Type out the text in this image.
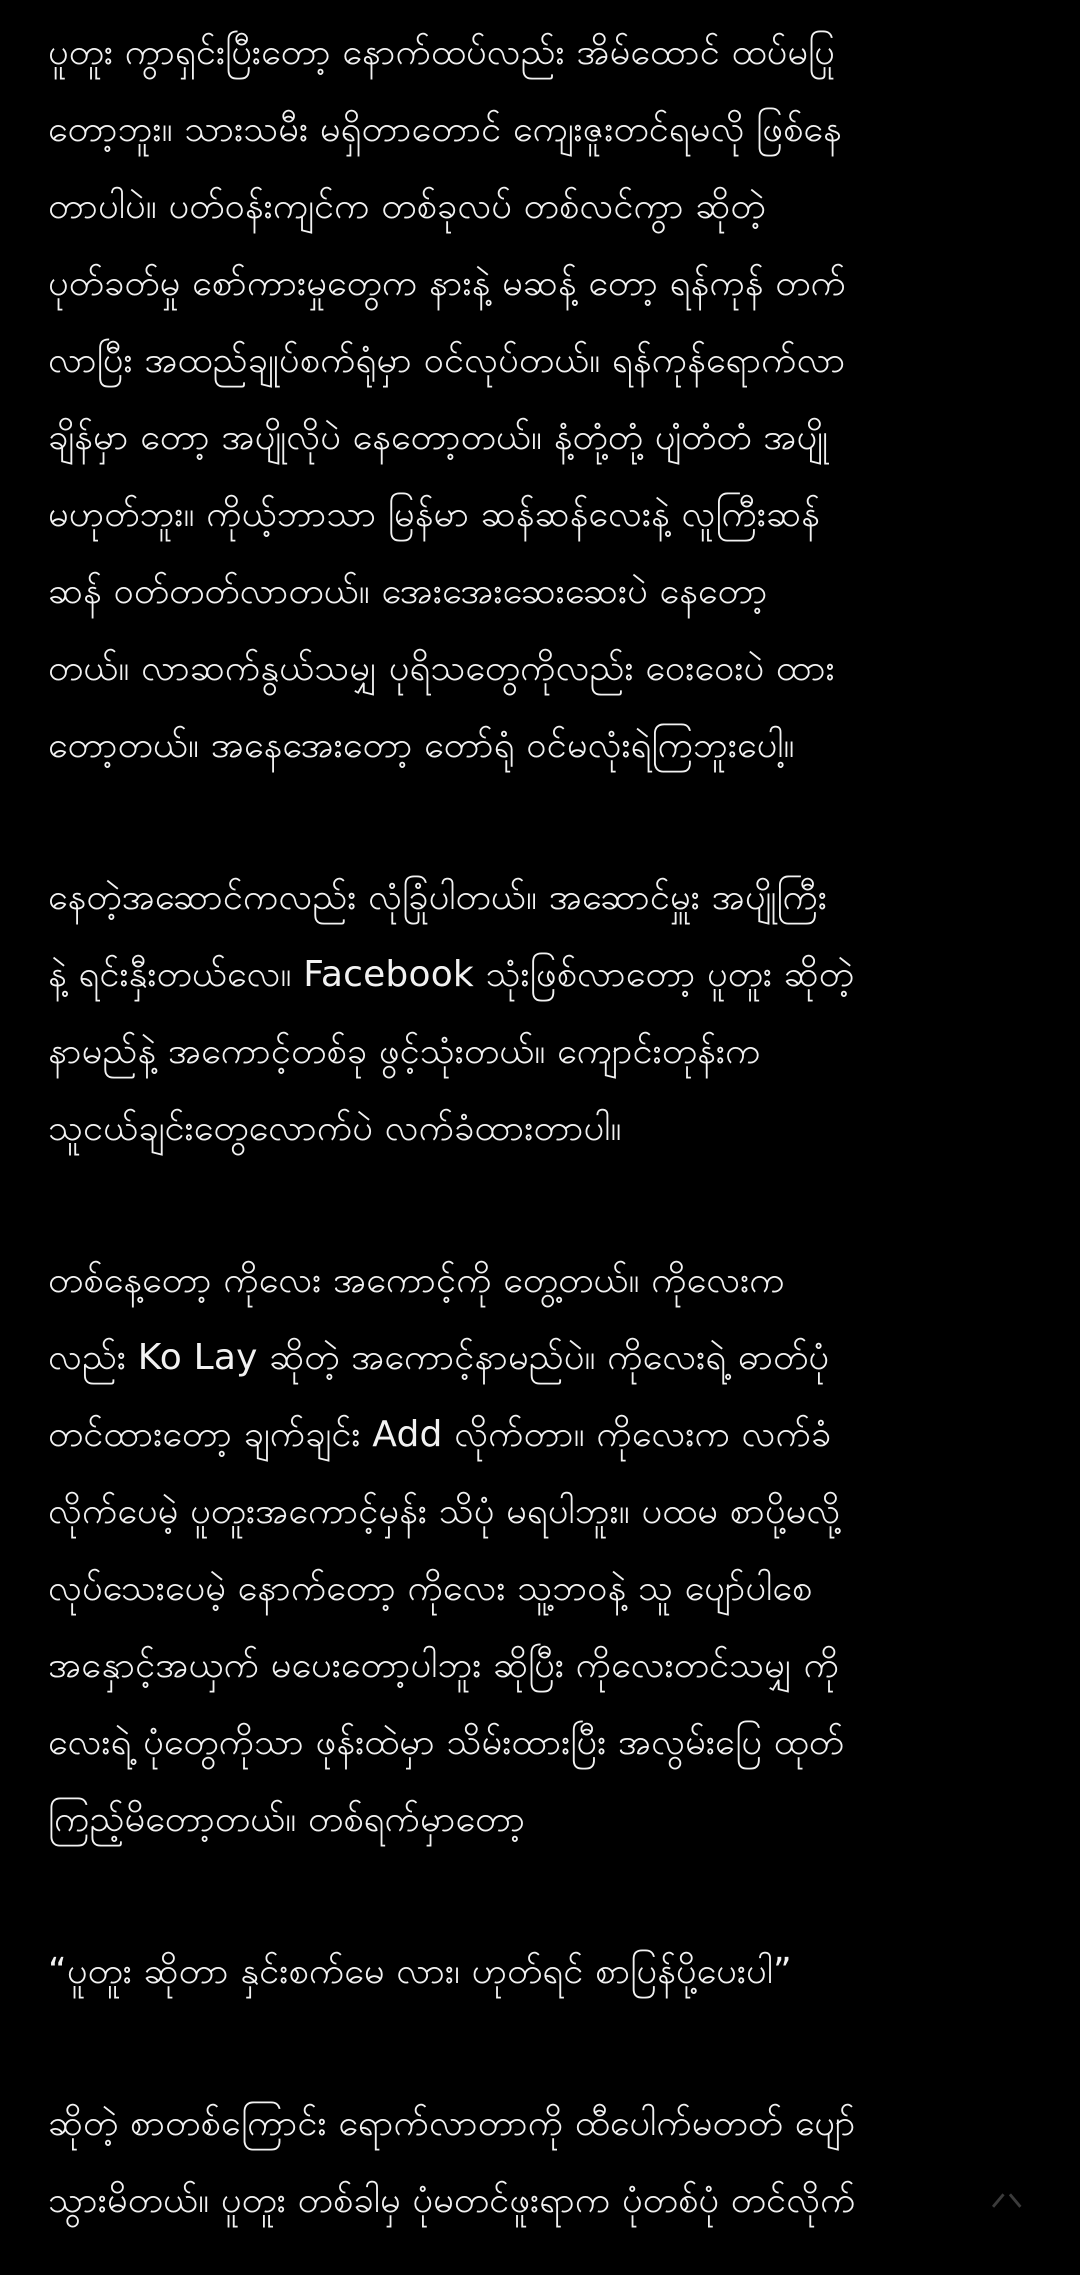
ပူတူး ကွာရှင်းပြီးတော့ နောက်ထပ်လည်း အိမ်ထောင် ထပ်မပြု
တော့ဘူး။ သားသမီး မရှိတာတောင် ကျေးဇူးတင်ရမလို ဖြစ်နေ
တာပါပဲ။ ပတ်ဝန်းကျင်က တစ်ခုလပ် တစ်လင်ကွာ ဆိုတဲ့
ပုတ်ခတ်မှု စော်ကားမှုတွေက နားနဲ့ မဆန့် တော့ ရန်ကုန် တက်
လာပြီး အထည်ချုပ်စက်ရုံမှာ ဝင်လုပ်တယ်။ ရန်ကုန်ရောက်လာ
ချိန်မှာ တော့ အပျိုလိုပဲ နေတော့တယ်။ နံ့တုံ့တုံ့ ပျံတံတံ အပျို
မဟုတ်ဘူး။ ကိုယ့်ဘာသာ မြန်မာ ဆန်ဆန်လေးနဲ့ လူကြီးဆန်
ဆန် ဝတ်တတ်လာတယ်။ အေးအေးဆေးဆေးပဲ နေတော့
တယ်။ လာဆက်နွယ်သမျှ ပုရိသတွေကိုလည်း ဝေးဝေးပဲ ထား
တော့တယ်။ အနေအေးတော့ တော်ရုံ ဝင်မလုံးရဲကြဘူးပေါ့။

နေတဲ့အဆောင်ကလည်း လုံခြုံပါတယ်။ အဆောင်မှူး အပျိုကြီး
နဲ့ ရင်းနှီးတယ်လေ။ Facebook သုံးဖြစ်လာတော့ ပူတူး ဆိုတဲ့
နာမည်နဲ့ အကောင့်တစ်ခု ဖွင့်သုံးတယ်။ ကျောင်းတုန်းက
သူငယ်ချင်းတွေလောက်ပဲ လက်ခံထားတာပါ။

တစ်နေ့တော့ ကိုလေး အကောင့်ကို တွေ့တယ်။ ကိုလေးက
လည်း Ko Lay ဆိုတဲ့ အကောင့်နာမည်ပဲ။ ကိုလေးရဲ့ ဓာတ်ပုံ
တင်ထားတော့ ချက်ချင်း Add လိုက်တာ။ ကိုလေးက လက်ခံ
လိုက်ပေမဲ့ ပူတူးအကောင့်မှန်း သိပုံ မရပါဘူး။ ပထမ စာပို့မလို့
လုပ်သေးပေမဲ့ နောက်တော့ ကိုလေး သူ့ဘဝနဲ့ သူ ပျော်ပါစေ
အနှောင့်အယှက် မပေးတော့ပါဘူး ဆိုပြီး ကိုလေးတင်သမျှ ကို
လေးရဲ့ ပုံတွေကိုသာ ဖုန်းထဲမှာ သိမ်းထားပြီး အလွမ်းပြေ ထုတ်
ကြည့်မိတော့တယ်။ တစ်ရက်မှာတော့

“ပူတူး ဆိုတာ နှင်းစက်မေ လား၊ ဟုတ်ရင် စာပြန်ပို့ပေးပါ”

ဆိုတဲ့ စာတစ်ကြောင်း ရောက်လာတာကို ထီပေါက်မတတ် ပျော်
သွားမိတယ်။ ပူတူး တစ်ခါမှ ပုံမတင်ဖူးရာက ပုံတစ်ပုံ တင်လိုက်	ᐟᐠ
